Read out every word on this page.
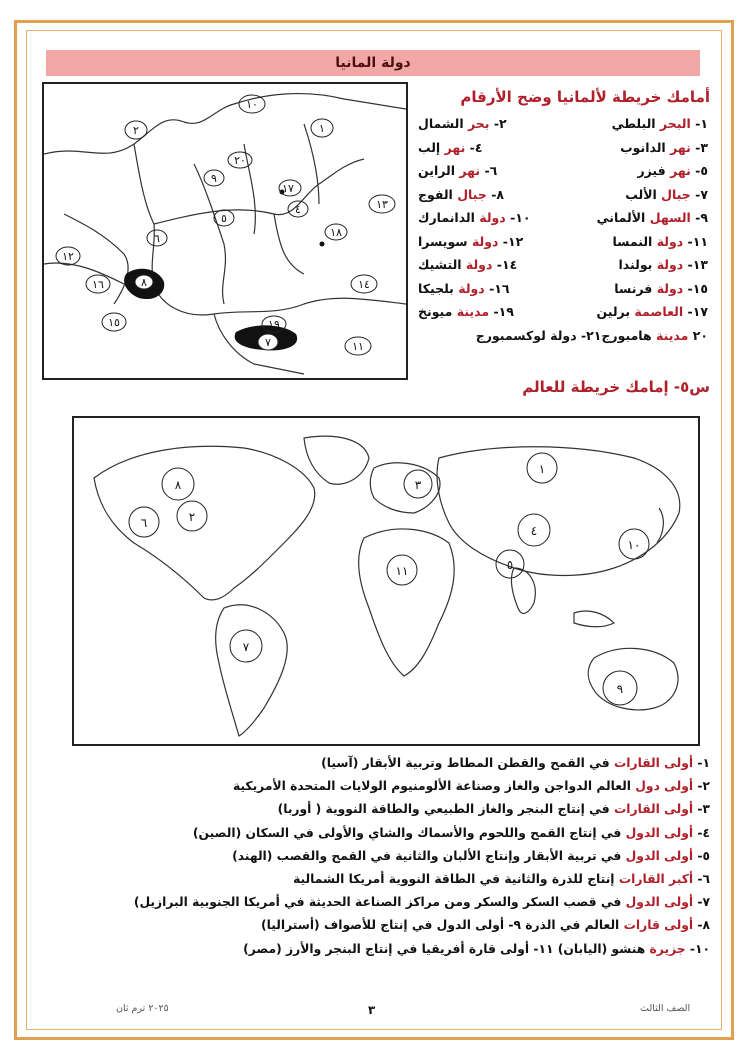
دولة المانيا
١
٢
٤
٥
٦
٧
٨
٩
١٠
١١
١٢
١٣
١٤
١٥
١٦
١٧
١٨
١٩
٢٠
أمامك خريطة لألمانيا وضح الأرقام
١- البحر البلطي
٢- بحر الشمال
٣- نهر الدانوب
٤- نهر إلب
٥- نهر فيزر
٦- نهر الراين
٧- جبال الألب
٨- جبال الفوج
٩- السهل الألماني
١٠- دولة الدانمارك
١١- دولة النمسا
١٢- دولة سويسرا
١٣- دولة بولندا
١٤- دولة التشيك
١٥- دولة فرنسا
١٦- دولة بلجيكا
١٧- العاصمة برلين
١٩- مدينة ميونخ
٢٠ مدينة هامبورج٢١- دولة لوكسمبورج
س٥- إمامك خريطة للعالم
١
٢
٣
٤
٥
٦
٧
٨
٩
١٠
١١
١- أولى القارات في القمح والقطن المطاط وتربية الأبقار (آسيا)
٢- أولى دول العالم الدواجن والغاز وصناعة الألومنيوم الولايات المتحدة الأمريكية
٣- أولى القارات في إنتاج البنجر والغاز الطبيعي والطاقة النووية ( أوربا)
٤- أولى الدول في إنتاج القمح واللحوم والأسماك والشاي والأولى في السكان (الصين)
٥- أولى الدول في تربية الأبقار وإنتاج الألبان والثانية في القمح والقصب (الهند)
٦- أكبر القارات إنتاج للذرة والثانية في الطاقة النووية أمريكا الشمالية
٧- أولى الدول في قصب السكر والسكر ومن مراكز الصناعة الحديثة في أمريكا الجنوبية البرازيل)
٨- أولى قارات العالم في الذرة ٩- أولى الدول في إنتاج للأصواف (أستراليا)
١٠- جزيرة هنشو (اليابان) ١١- أولى قارة أفريقيا في إنتاج البنجر والأرز (مصر)
الصف الثالث
٣
٢٠٢٥ ترم ثان
